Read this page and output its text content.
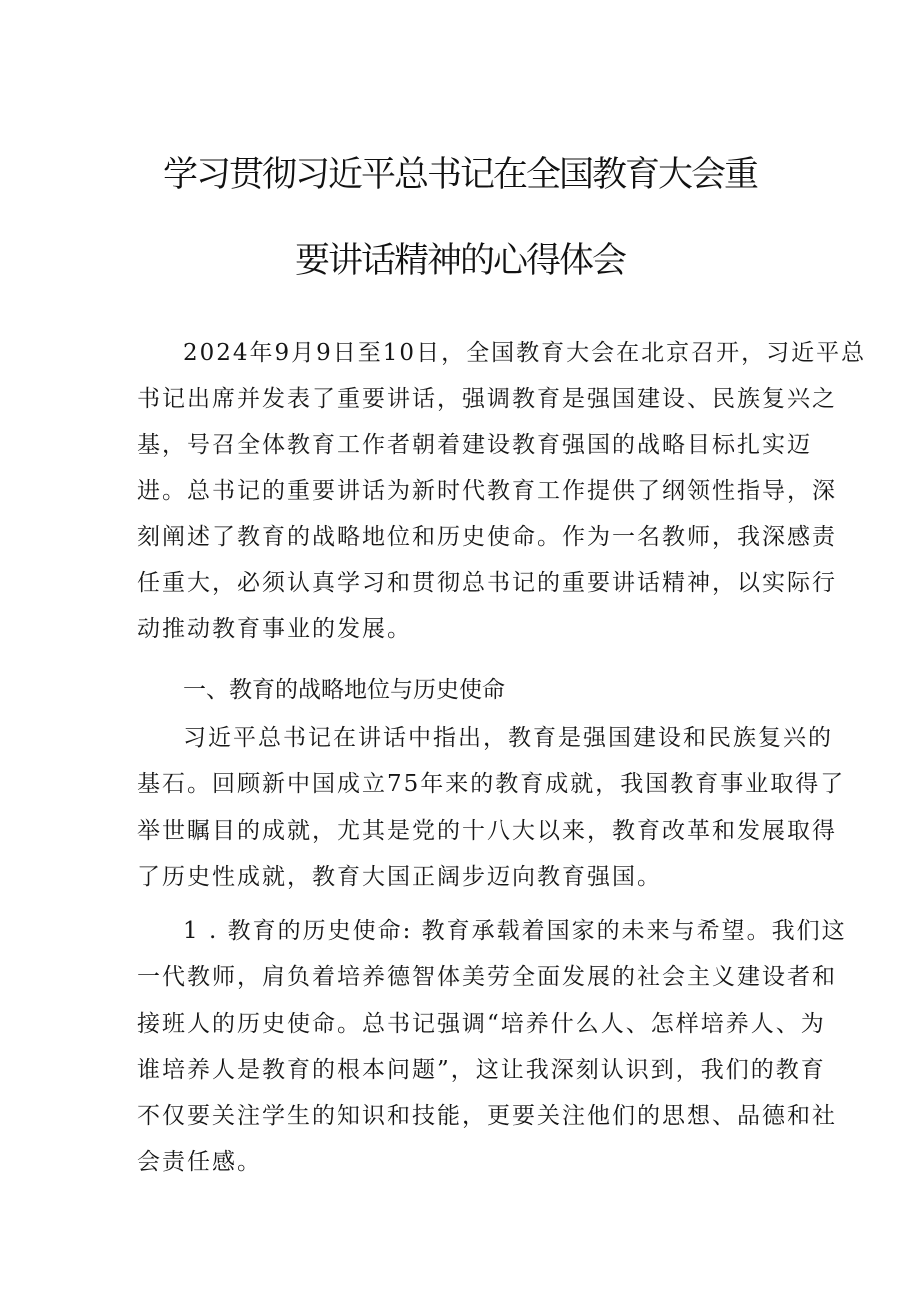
学习贯彻习近平总书记在全国教育大会重
要讲话精神的心得体会
2024年9月9日至10日，全国教育大会在北京召开，习近平总
书记出席并发表了重要讲话，强调教育是强国建设、民族复兴之
基，号召全体教育工作者朝着建设教育强国的战略目标扎实迈
进。总书记的重要讲话为新时代教育工作提供了纲领性指导，深
刻阐述了教育的战略地位和历史使命。作为一名教师，我深感责
任重大，必须认真学习和贯彻总书记的重要讲话精神，以实际行
动推动教育事业的发展。
一、教育的战略地位与历史使命
习近平总书记在讲话中指出，教育是强国建设和民族复兴的
基石。回顾新中国成立75年来的教育成就，我国教育事业取得了
举世瞩目的成就，尤其是党的十八大以来，教育改革和发展取得
了历史性成就，教育大国正阔步迈向教育强国。
1 . 教育的历史使命: 教育承载着国家的未来与希望。我们这
一代教师，肩负着培养德智体美劳全面发展的社会主义建设者和
接班人的历史使命。总书记强调“培养什么人、怎样培养人、为
谁培养人是教育的根本问题”，这让我深刻认识到，我们的教育
不仅要关注学生的知识和技能，更要关注他们的思想、品德和社
会责任感。
